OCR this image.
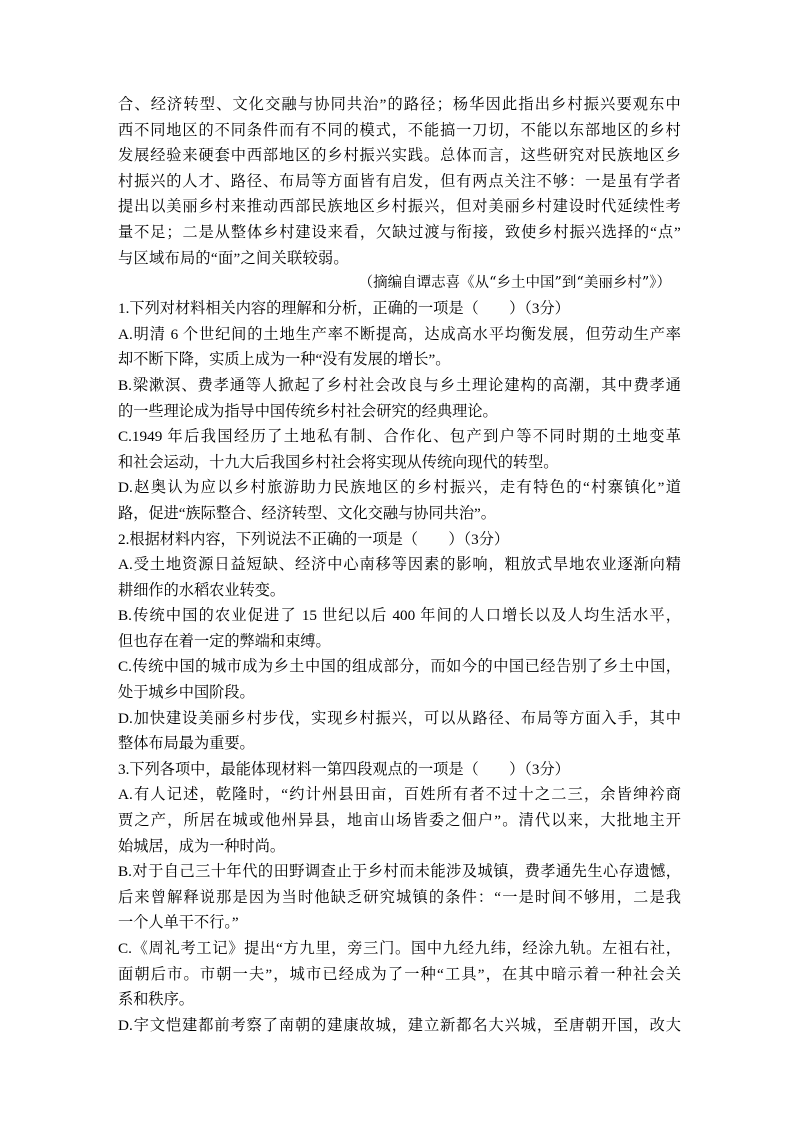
合、经济转型、文化交融与协同共治”的路径；杨华因此指出乡村振兴要观东中
西不同地区的不同条件而有不同的模式，不能搞一刀切，不能以东部地区的乡村
发展经验来硬套中西部地区的乡村振兴实践。总体而言，这些研究对民族地区乡
村振兴的人才、路径、布局等方面皆有启发，但有两点关注不够：一是虽有学者
提出以美丽乡村来推动西部民族地区乡村振兴，但对美丽乡村建设时代延续性考
量不足；二是从整体乡村建设来看，欠缺过渡与衔接，致使乡村振兴选择的“点”
与区域布局的“面”之间关联较弱。
（摘编自谭志喜《从“乡土中国”到“美丽乡村”》）
1.下列对材料相关内容的理解和分析，正确的一项是（　　）（3分）
A.明清 6 个世纪间的土地生产率不断提高，达成高水平均衡发展，但劳动生产率
却不断下降，实质上成为一种“没有发展的增长”。
B.梁漱溟、费孝通等人掀起了乡村社会改良与乡土理论建构的高潮，其中费孝通
的一些理论成为指导中国传统乡村社会研究的经典理论。
C.1949 年后我国经历了土地私有制、合作化、包产到户等不同时期的土地变革
和社会运动，十九大后我国乡村社会将实现从传统向现代的转型。
D.赵奥认为应以乡村旅游助力民族地区的乡村振兴，走有特色的“村寨镇化”道
路，促进“族际整合、经济转型、文化交融与协同共治”。
2.根据材料内容，下列说法不正确的一项是（　　）（3分）
A.受土地资源日益短缺、经济中心南移等因素的影响，粗放式旱地农业逐渐向精
耕细作的水稻农业转变。
B.传统中国的农业促进了 15 世纪以后 400 年间的人口增长以及人均生活水平，
但也存在着一定的弊端和束缚。
C.传统中国的城市成为乡土中国的组成部分，而如今的中国已经告别了乡土中国，
处于城乡中国阶段。
D.加快建设美丽乡村步伐，实现乡村振兴，可以从路径、布局等方面入手，其中
整体布局最为重要。
3.下列各项中，最能体现材料一第四段观点的一项是（　　）（3分）
A.有人记述，乾隆时，“约计州县田亩，百姓所有者不过十之二三，余皆绅衿商
贾之产，所居在城或他州异县，地亩山场皆委之佃户”。清代以来，大批地主开
始城居，成为一种时尚。
B.对于自己三十年代的田野调查止于乡村而未能涉及城镇，费孝通先生心存遗憾，
后来曾解释说那是因为当时他缺乏研究城镇的条件：“一是时间不够用，二是我
一个人单干不行。”
C.《周礼考工记》提出“方九里，旁三门。国中九经九纬，经涂九轨。左祖右社，
面朝后市。市朝一夫”，城市已经成为了一种“工具”，在其中暗示着一种社会关
系和秩序。
D.宇文恺建都前考察了南朝的建康故城，建立新都名大兴城，至唐朝开国，改大
